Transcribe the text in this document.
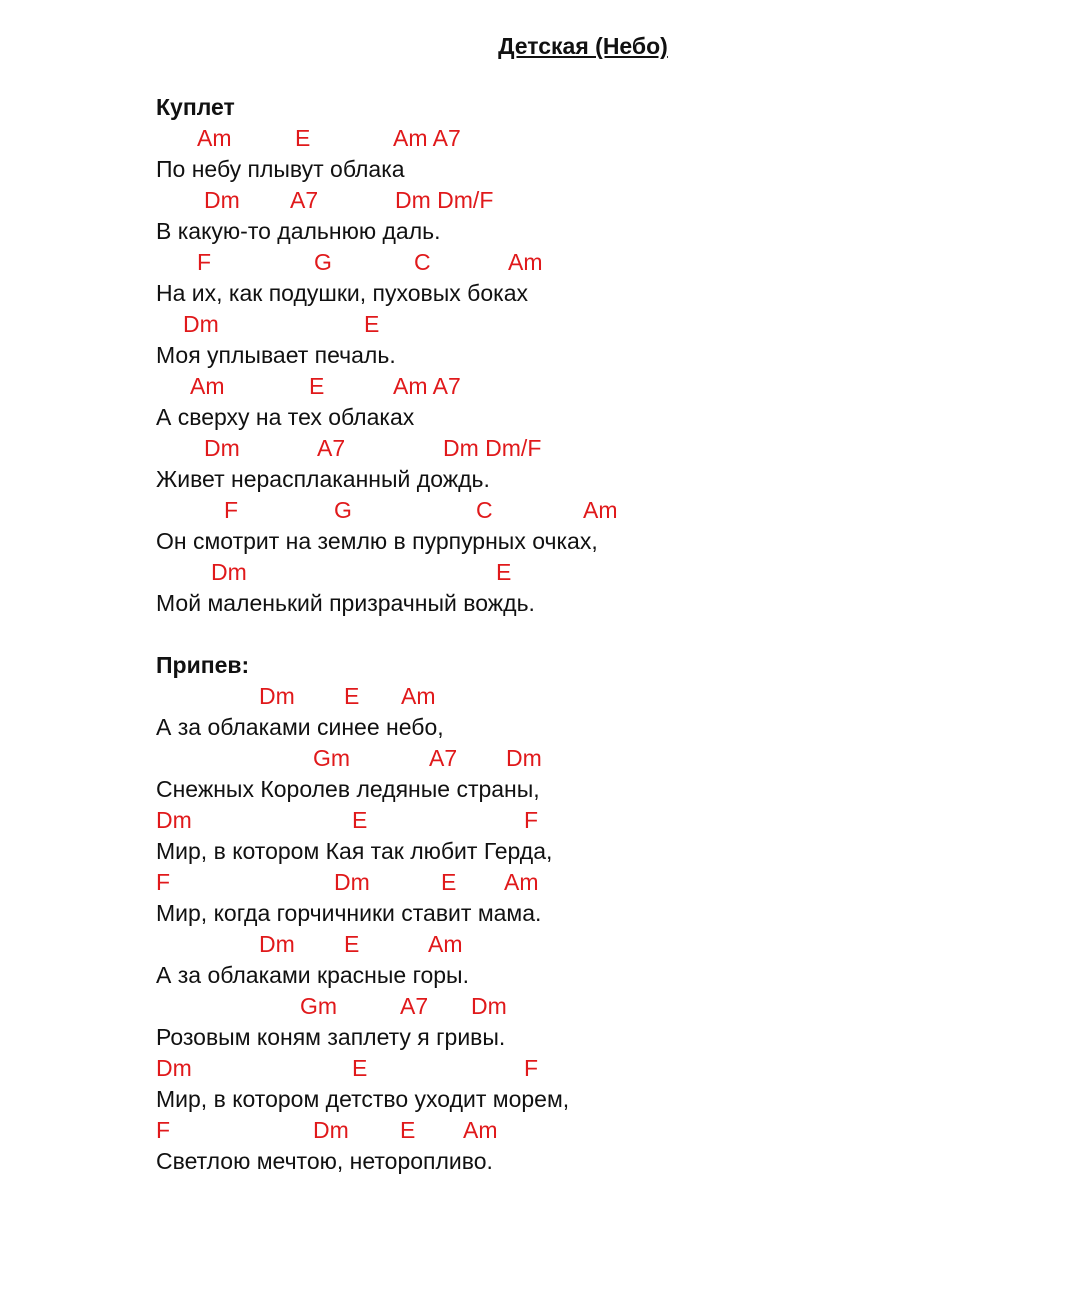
Детская (Небо)
Куплет

Am

	E

	Am A7

По небу плывут облака

Dm

A7

	Dm Dm/F

В какую-то дальнюю даль.

F

	G

	C

	Am

На их, как подушки, пуховых боках

Dm

	E

Моя уплывает печаль.

Am

	E

	Am A7

А сверху на тех облаках

Dm

	A7

	Dm Dm/F

Живет нерасплаканный дождь.

F

	G

	C

	Am

Он смотрит на землю в пурпурных очках,

Dm

	E

Мой маленький призрачный вождь.
Припев:

Dm

E

Am

А за облаками синее небо,

Gm

	A7

Dm

Снежных Королев ледяные страны,

Dm

	E

	F

Мир, в котором Кая так любит Герда,

F

	Dm

	E

Am

Мир, когда горчичники ставит мама.

Dm

E

	Am

А за облаками красные горы.

Gm

	A7

Dm

Розовым коням заплету я гривы.

Dm

	E

	F

Мир, в котором детство уходит морем,

F

	Dm

E

Am

Светлою мечтою, неторопливо.
